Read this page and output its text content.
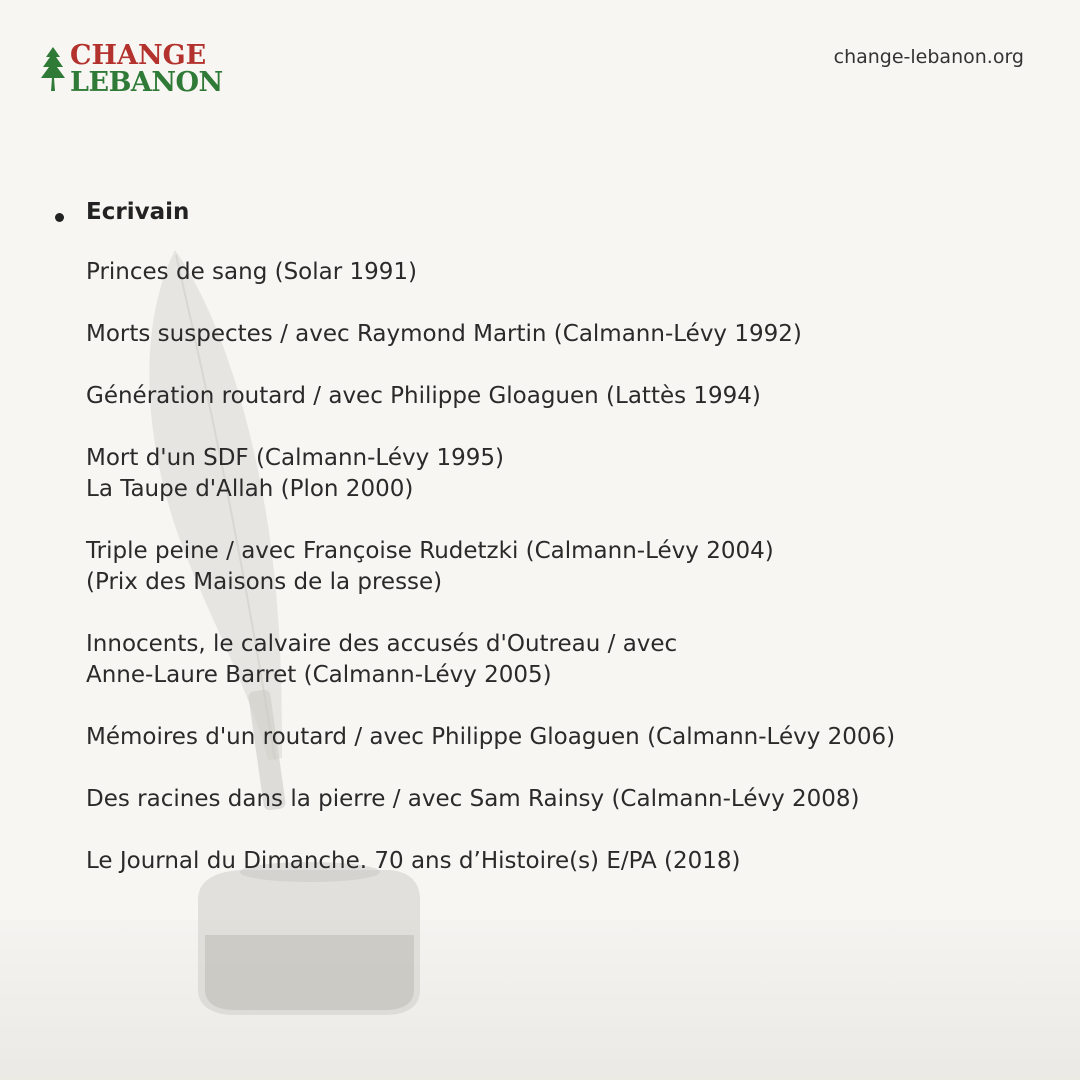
CHANGE
LEBANON
change-lebanon.org
Ecrivain
Princes de sang (Solar 1991)
Morts suspectes / avec Raymond Martin (Calmann-Lévy 1992)
Génération routard / avec Philippe Gloaguen (Lattès 1994)
Mort d'un SDF (Calmann-Lévy 1995)
La Taupe d'Allah (Plon 2000)
Triple peine / avec Françoise Rudetzki (Calmann-Lévy 2004)
(Prix des Maisons de la presse)
Innocents, le calvaire des accusés d'Outreau / avec
Anne-Laure Barret (Calmann-Lévy 2005)
Mémoires d'un routard / avec Philippe Gloaguen (Calmann-Lévy 2006)
Des racines dans la pierre / avec Sam Rainsy (Calmann-Lévy 2008)
Le Journal du Dimanche. 70 ans d’Histoire(s) E/PA (2018)
